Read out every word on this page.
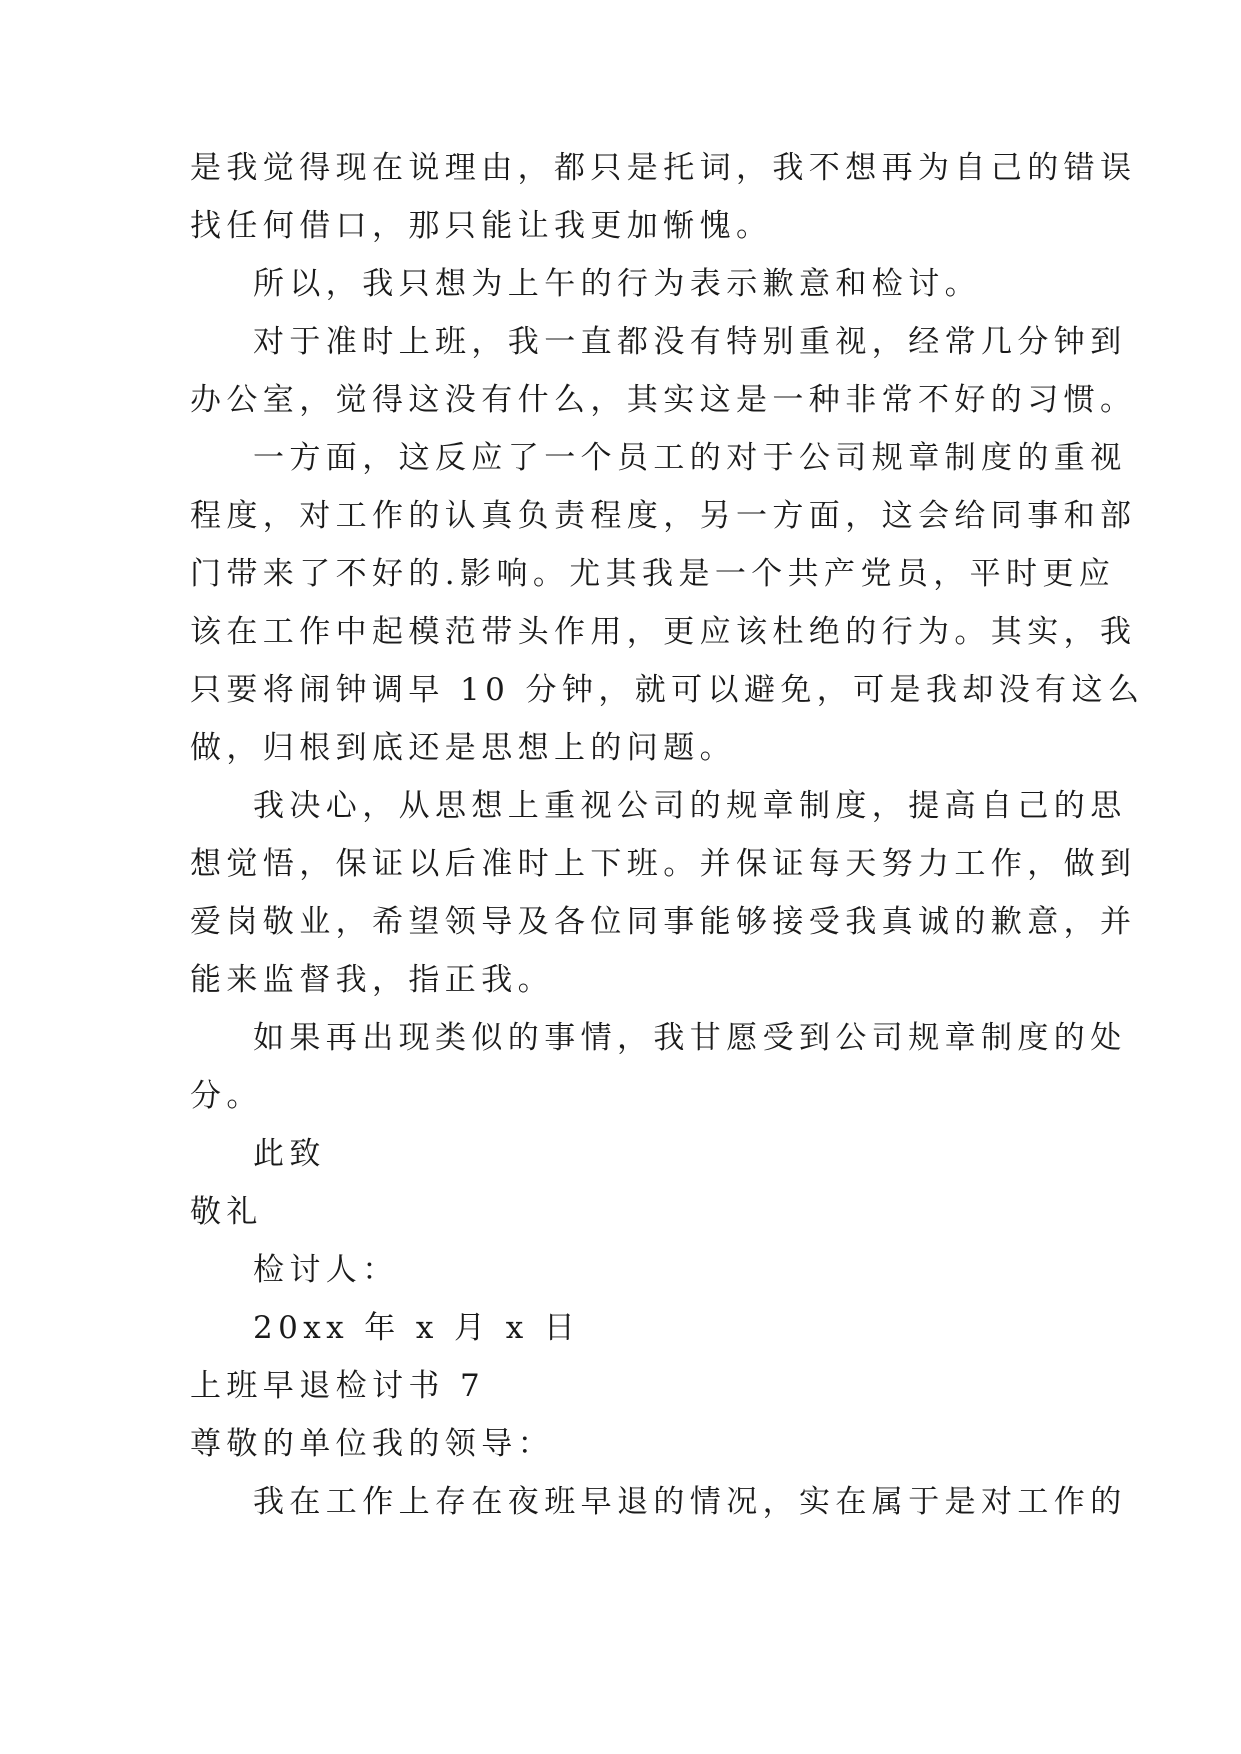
是我觉得现在说理由，都只是托词，我不想再为自己的错误
找任何借口，那只能让我更加惭愧。
所以，我只想为上午的行为表示歉意和检讨。
对于准时上班，我一直都没有特别重视，经常几分钟到
办公室，觉得这没有什么，其实这是一种非常不好的习惯。
一方面，这反应了一个员工的对于公司规章制度的重视
程度，对工作的认真负责程度，另一方面，这会给同事和部
门带来了不好的.影响。尤其我是一个共产党员，平时更应
该在工作中起模范带头作用，更应该杜绝的行为。其实，我
只要将闹钟调早 10 分钟，就可以避免，可是我却没有这么
做，归根到底还是思想上的问题。
我决心，从思想上重视公司的规章制度，提高自己的思
想觉悟，保证以后准时上下班。并保证每天努力工作，做到
爱岗敬业，希望领导及各位同事能够接受我真诚的歉意，并
能来监督我，指正我。
如果再出现类似的事情，我甘愿受到公司规章制度的处
分。
此致
敬礼
检讨人：
20xx 年 x 月 x 日
上班早退检讨书 7
尊敬的单位我的领导：
我在工作上存在夜班早退的情况，实在属于是对工作的
